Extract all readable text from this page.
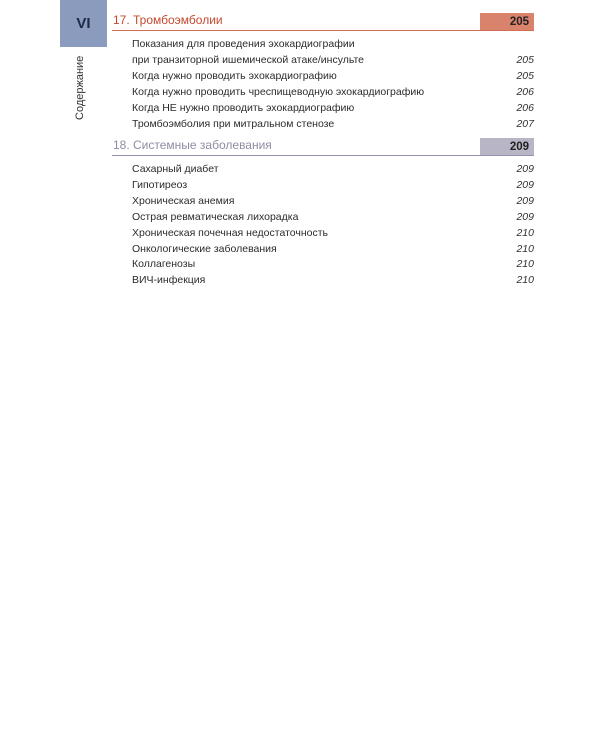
VI
Содержание
17. Тромбоэмболии	205
Показания для проведения эхокардиографии
при транзиторной ишемической атаке/инсульте	205
Когда нужно проводить эхокардиографию	205
Когда нужно проводить чреспищеводную эхокардиографию	206
Когда НЕ нужно проводить эхокардиографию	206
Тромбоэмболия при митральном стенозе	207
18. Системные заболевания	209
Сахарный диабет	209
Гипотиреоз	209
Хроническая анемия	209
Острая ревматическая лихорадка	209
Хроническая почечная недостаточность	210
Онкологические заболевания	210
Коллагенозы	210
ВИЧ-инфекция	210
